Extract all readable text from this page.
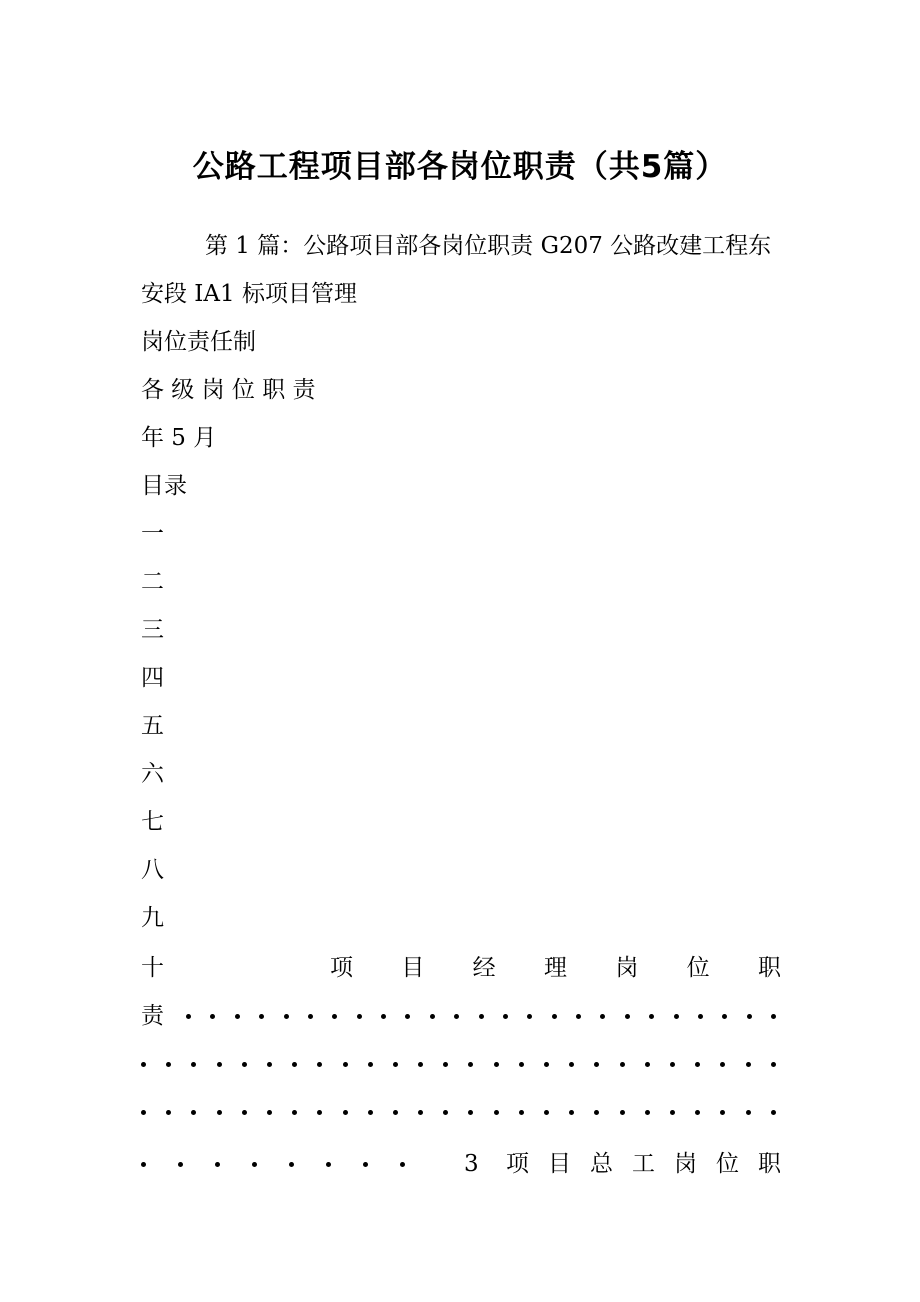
公路工程项目部各岗位职责（共5篇）
第 1 篇：公路项目部各岗位职责 G207 公路改建工程东
安段 IA1 标项目管理
岗位责任制
各 级 岗 位 职 责
年 5 月
目录
一
二
三
四
五
六
七
八
九
十	项 目 经 理 岗 位 职
责
3 项 目 总 工 岗 位 职
